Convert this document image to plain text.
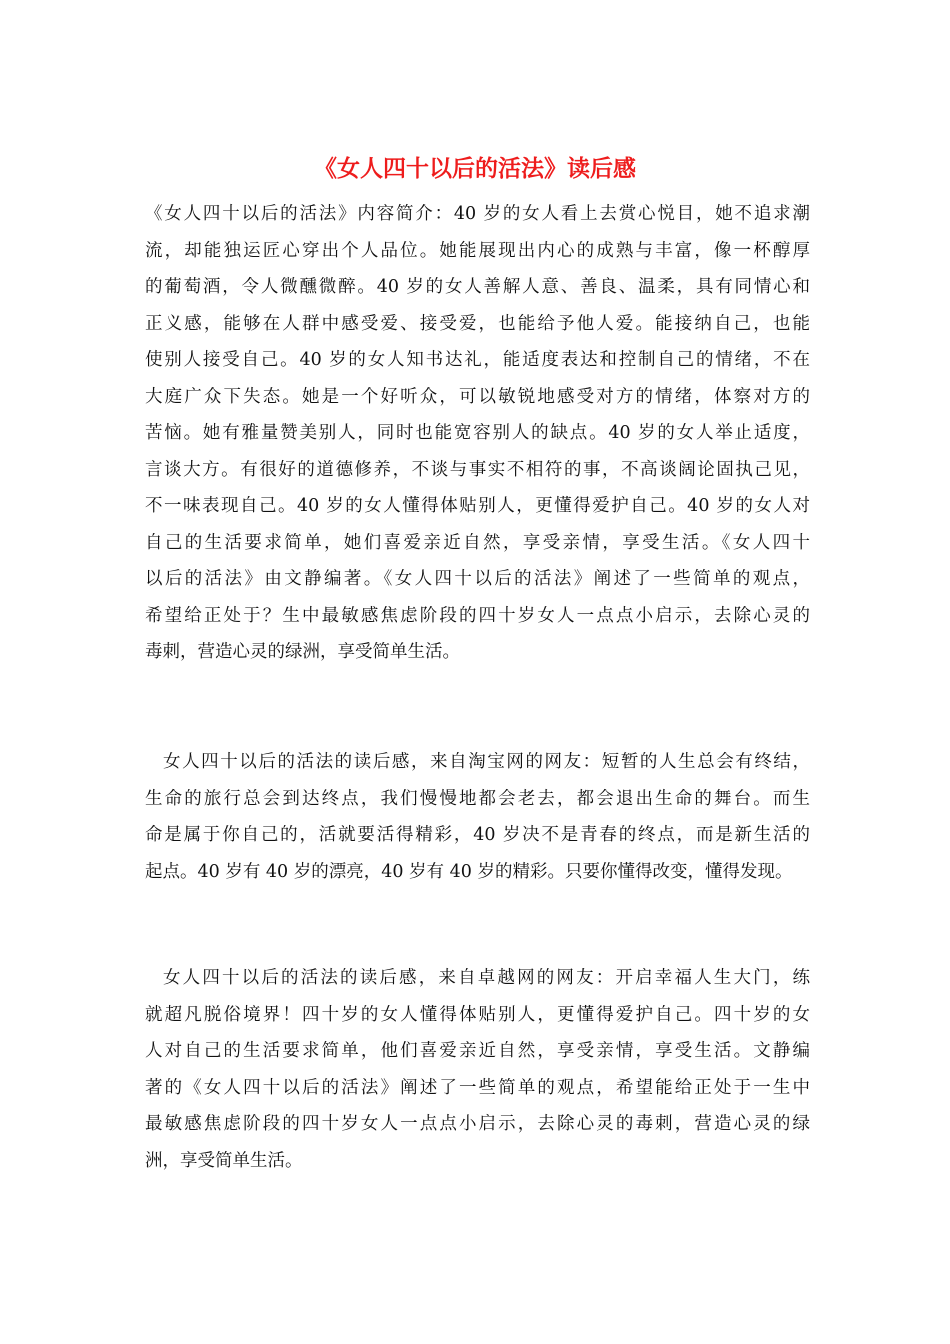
《女人四十以后的活法》读后感
《女人四十以后的活法》内容简介：40 岁的女人看上去赏心悦目，她不追求潮
流，却能独运匠心穿出个人品位。她能展现出内心的成熟与丰富，像一杯醇厚
的葡萄酒，令人微醺微醉。40 岁的女人善解人意、善良、温柔，具有同情心和
正义感，能够在人群中感受爱、接受爱，也能给予他人爱。能接纳自己，也能
使别人接受自己。40 岁的女人知书达礼，能适度表达和控制自己的情绪，不在
大庭广众下失态。她是一个好听众，可以敏锐地感受对方的情绪，体察对方的
苦恼。她有雅量赞美别人，同时也能宽容别人的缺点。40 岁的女人举止适度，
言谈大方。有很好的道德修养，不谈与事实不相符的事，不高谈阔论固执己见，
不一味表现自己。40 岁的女人懂得体贴别人，更懂得爱护自己。40 岁的女人对
自己的生活要求简单，她们喜爱亲近自然，享受亲情，享受生活。《女人四十
以后的活法》由文静编著。《女人四十以后的活法》阐述了一些简单的观点，
希望给正处于？生中最敏感焦虑阶段的四十岁女人一点点小启示，去除心灵的
毒刺，营造心灵的绿洲，享受简单生活。
女人四十以后的活法的读后感，来自淘宝网的网友：短暂的人生总会有终结，
生命的旅行总会到达终点，我们慢慢地都会老去，都会退出生命的舞台。而生
命是属于你自己的，活就要活得精彩，40 岁决不是青春的终点，而是新生活的
起点。40 岁有 40 岁的漂亮，40 岁有 40 岁的精彩。只要你懂得改变，懂得发现。
女人四十以后的活法的读后感，来自卓越网的网友：开启幸福人生大门，练
就超凡脱俗境界！四十岁的女人懂得体贴别人，更懂得爱护自己。四十岁的女
人对自己的生活要求简单，他们喜爱亲近自然，享受亲情，享受生活。文静编
著的《女人四十以后的活法》阐述了一些简单的观点，希望能给正处于一生中
最敏感焦虑阶段的四十岁女人一点点小启示，去除心灵的毒刺，营造心灵的绿
洲，享受简单生活。
